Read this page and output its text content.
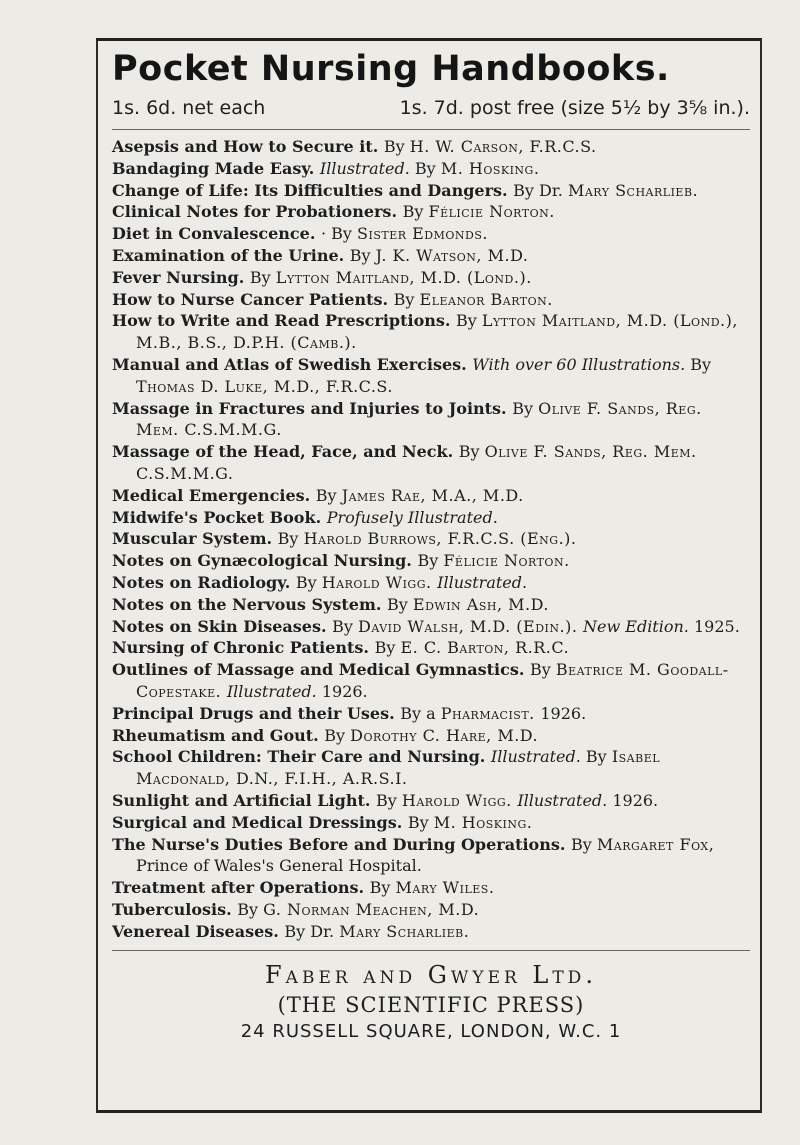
Pocket Nursing Handbooks.
1s. 6d. net each	1s. 7d. post free (size 5½ by 3⅝ in.).

Asepsis and How to Secure it. By H. W. Carson, F.R.C.S.

Bandaging Made Easy. Illustrated. By M. Hosking.

Change of Life: Its Difficulties and Dangers. By Dr. Mary Scharlieb.

Clinical Notes for Probationers. By Félicie Norton.

Diet in Convalescence. · By Sister Edmonds.

Examination of the Urine. By J. K. Watson, M.D.

Fever Nursing. By Lytton Maitland, M.D. (Lond.).

How to Nurse Cancer Patients. By Eleanor Barton.

How to Write and Read Prescriptions. By Lytton Maitland, M.D. (Lond.), M.B., B.S., D.P.H. (Camb.).

Manual and Atlas of Swedish Exercises. With over 60 Illustrations. By Thomas D. Luke, M.D., F.R.C.S.

Massage in Fractures and Injuries to Joints. By Olive F. Sands, Reg. Mem. C.S.M.M.G.

Massage of the Head, Face, and Neck. By Olive F. Sands, Reg. Mem. C.S.M.M.G.

Medical Emergencies. By James Rae, M.A., M.D.

Midwife's Pocket Book. Profusely Illustrated.

Muscular System. By Harold Burrows, F.R.C.S. (Eng.).

Notes on Gynæcological Nursing. By Félicie Norton.

Notes on Radiology. By Harold Wigg. Illustrated.

Notes on the Nervous System. By Edwin Ash, M.D.

Notes on Skin Diseases. By David Walsh, M.D. (Edin.). New Edition. 1925.

Nursing of Chronic Patients. By E. C. Barton, R.R.C.

Outlines of Massage and Medical Gymnastics. By Beatrice M. Goodall-Copestake. Illustrated. 1926.

Principal Drugs and their Uses. By a Pharmacist. 1926.

Rheumatism and Gout. By Dorothy C. Hare, M.D.

School Children: Their Care and Nursing. Illustrated. By Isabel Macdonald, D.N., F.I.H., A.R.S.I.

Sunlight and Artificial Light. By Harold Wigg. Illustrated. 1926.

Surgical and Medical Dressings. By M. Hosking.

The Nurse's Duties Before and During Operations. By Margaret Fox, Prince of Wales's General Hospital.

Treatment after Operations. By Mary Wiles.

Tuberculosis. By G. Norman Meachen, M.D.

Venereal Diseases. By Dr. Mary Scharlieb.

Faber and Gwyer Ltd.

(THE SCIENTIFIC PRESS)

24 RUSSELL SQUARE, LONDON, W.C. 1
